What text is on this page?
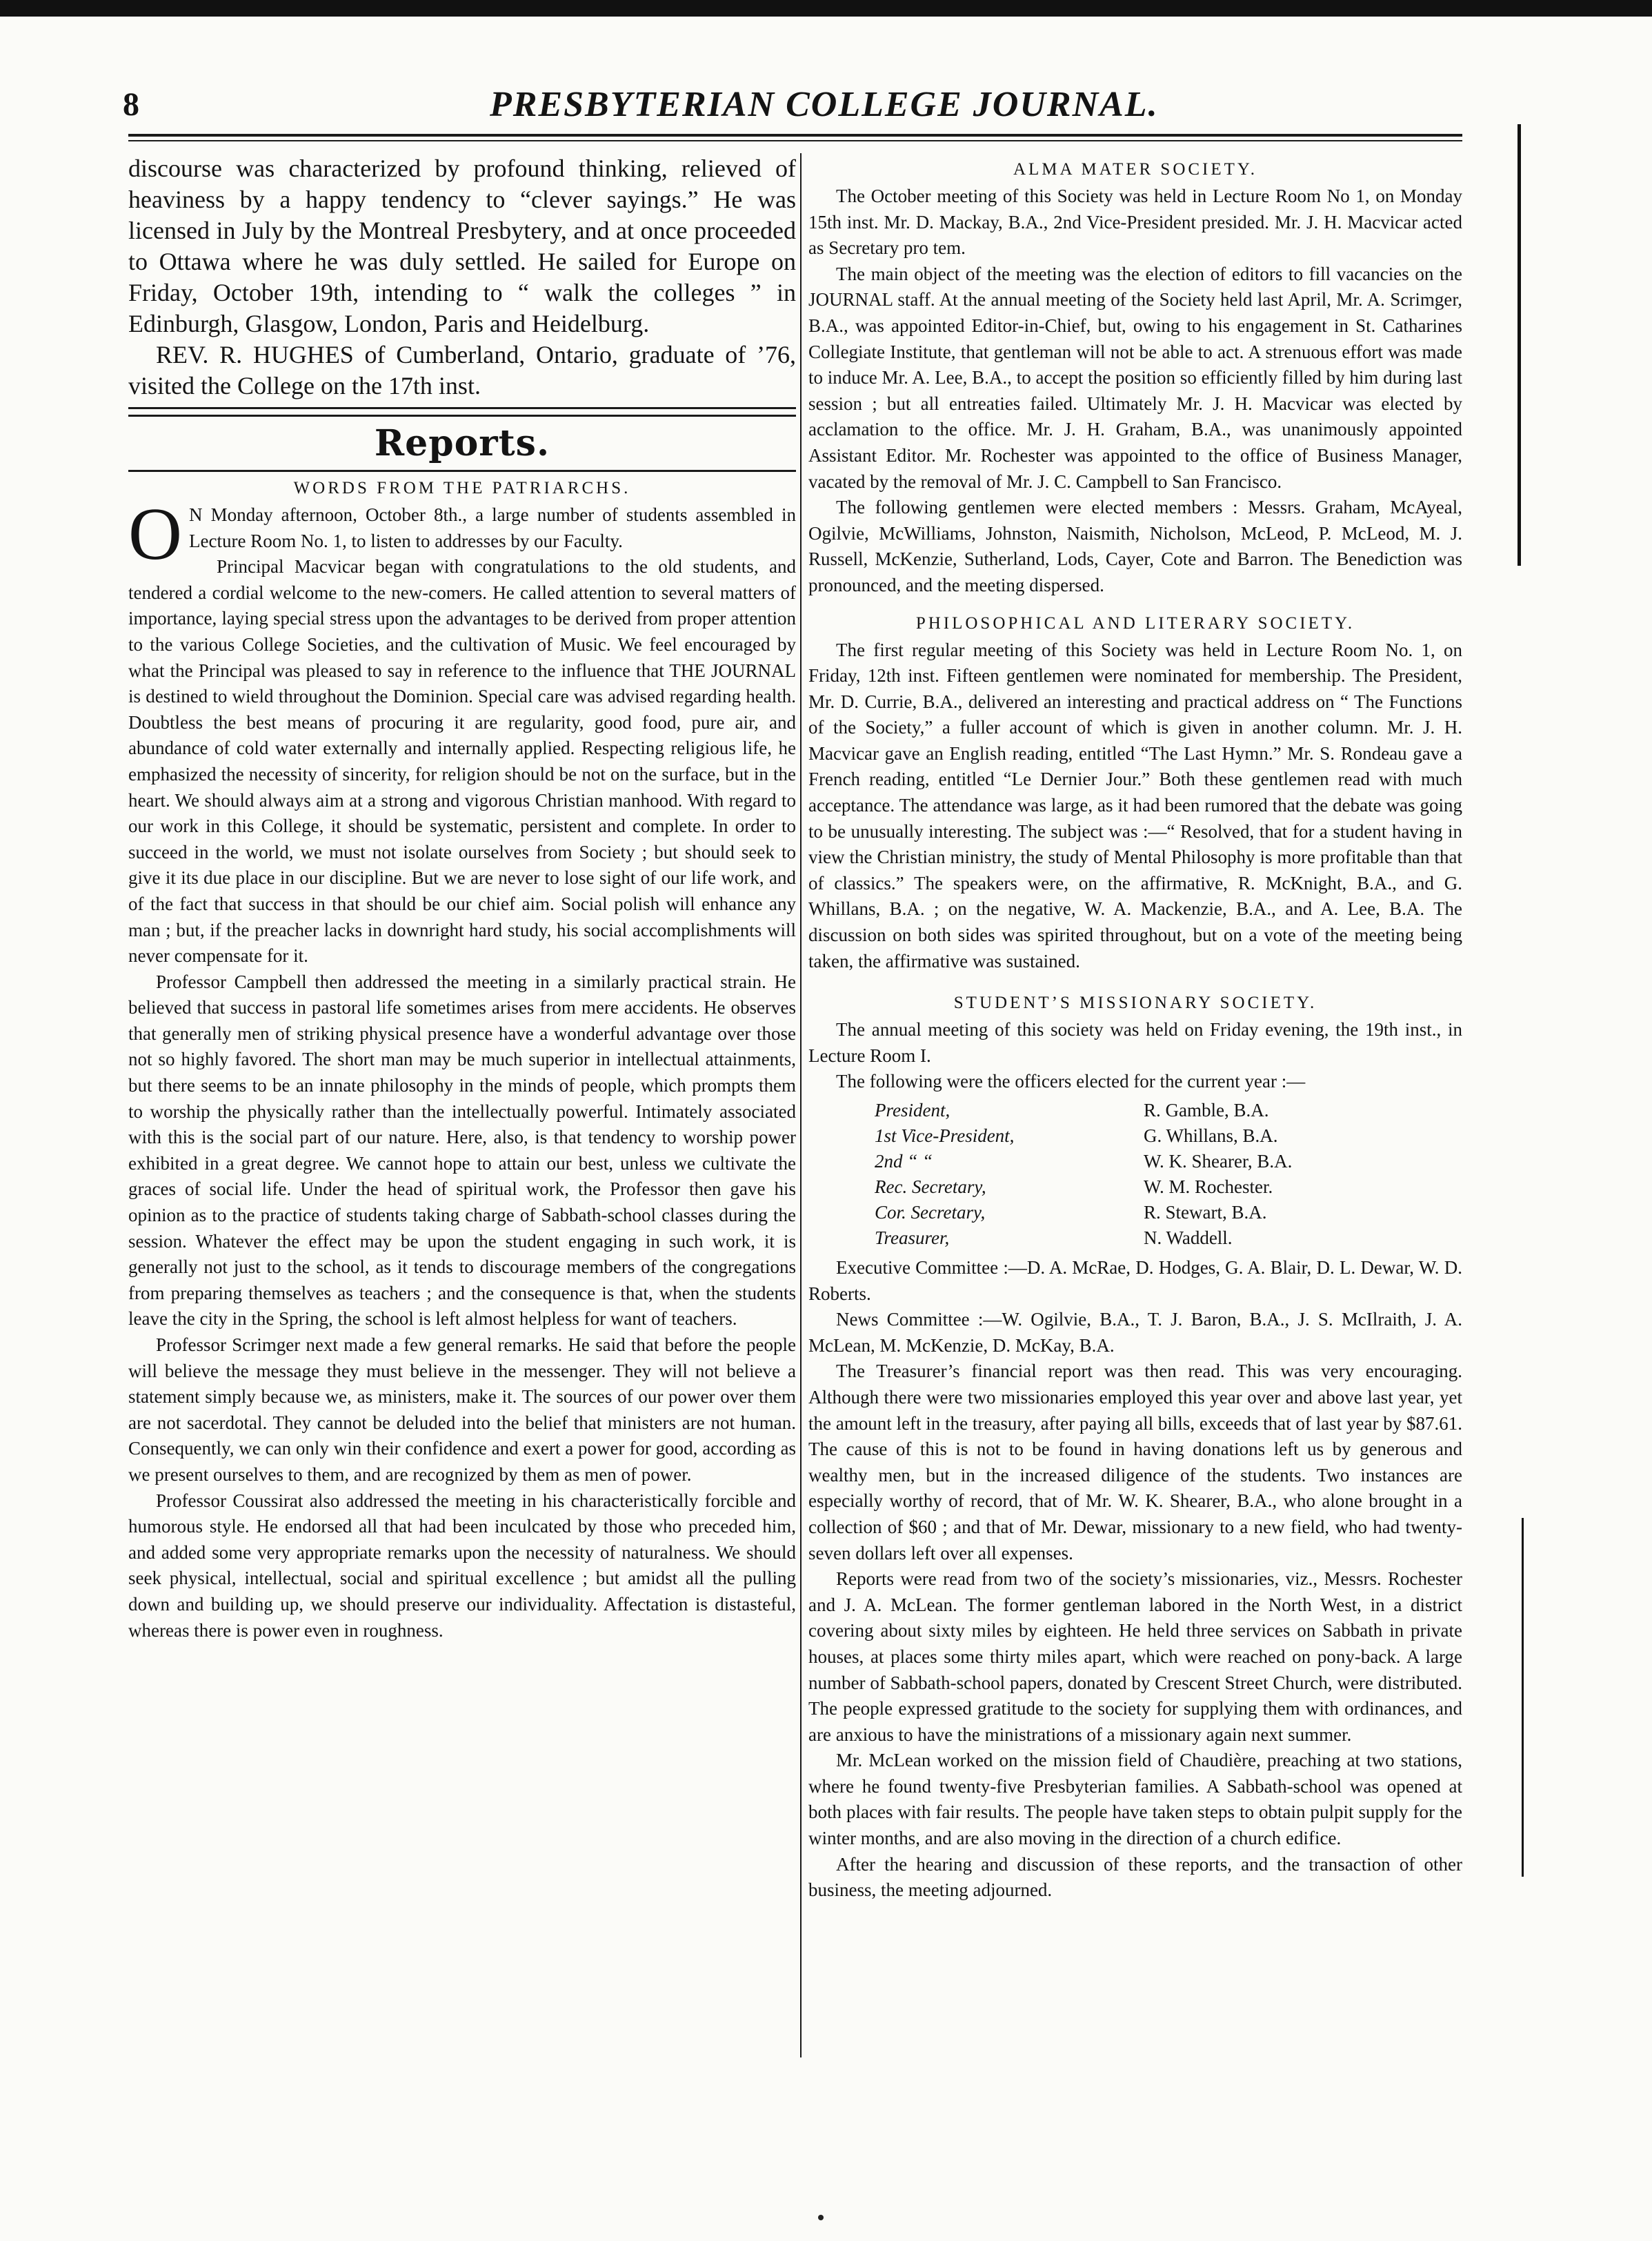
8	PRESBYTERIAN COLLEGE JOURNAL.

discourse was characterized by profound thinking, relieved of heaviness by a happy tendency to “clever sayings.” He was licensed in July by the Montreal Presbytery, and at once proceeded to Ottawa where he was duly settled. He sailed for Europe on Friday, October 19th, intending to “ walk the colleges ” in Edinburgh, Glasgow, London, Paris and Heidelburg.

REV. R. HUGHES of Cumberland, Ontario, graduate of ’76, visited the College on the 17th inst.

Reports.
WORDS FROM THE PATRIARCHS.

O N Monday afternoon, October 8th., a large number of students assembled in Lecture Room No. 1, to listen to addresses by our Faculty.

Principal Macvicar began with congratulations to the old students, and tendered a cordial welcome to the new-comers. He called attention to several matters of importance, laying special stress upon the advantages to be derived from proper attention to the various College Societies, and the cultivation of Music. We feel encouraged by what the Principal was pleased to say in reference to the influence that THE JOURNAL is destined to wield throughout the Dominion. Special care was advised regarding health. Doubtless the best means of procuring it are regularity, good food, pure air, and abundance of cold water externally and internally applied. Respecting religious life, he emphasized the necessity of sincerity, for religion should be not on the surface, but in the heart. We should always aim at a strong and vigorous Christian manhood. With regard to our work in this College, it should be systematic, persistent and complete. In order to succeed in the world, we must not isolate ourselves from Society ; but should seek to give it its due place in our discipline. But we are never to lose sight of our life work, and of the fact that success in that should be our chief aim. Social polish will enhance any man ; but, if the preacher lacks in downright hard study, his social accomplishments will never compensate for it.

Professor Campbell then addressed the meeting in a similarly practical strain. He believed that success in pastoral life sometimes arises from mere accidents. He observes that generally men of striking physical presence have a wonderful advantage over those not so highly favored. The short man may be much superior in intellectual attainments, but there seems to be an innate philosophy in the minds of people, which prompts them to worship the physically rather than the intellectually powerful. Intimately associated with this is the social part of our nature. Here, also, is that tendency to worship power exhibited in a great degree. We cannot hope to attain our best, unless we cultivate the graces of social life. Under the head of spiritual work, the Professor then gave his opinion as to the practice of students taking charge of Sabbath-school classes during the session. Whatever the effect may be upon the student engaging in such work, it is generally not just to the school, as it tends to discourage members of the congregations from preparing themselves as teachers ; and the consequence is that, when the students leave the city in the Spring, the school is left almost helpless for want of teachers.

Professor Scrimger next made a few general remarks. He said that before the people will believe the message they must believe in the messenger. They will not believe a statement simply because we, as ministers, make it. The sources of our power over them are not sacerdotal. They cannot be deluded into the belief that ministers are not human. Consequently, we can only win their confidence and exert a power for good, according as we present ourselves to them, and are recognized by them as men of power.

Professor Coussirat also addressed the meeting in his characteristically forcible and humorous style. He endorsed all that had been inculcated by those who preceded him, and added some very appropriate remarks upon the necessity of naturalness. We should seek physical, intellectual, social and spiritual excellence ; but amidst all the pulling down and building up, we should preserve our individuality. Affectation is distasteful, whereas there is power even in roughness.

ALMA MATER SOCIETY.

The October meeting of this Society was held in Lecture Room No 1, on Monday 15th inst. Mr. D. Mackay, B.A., 2nd Vice-President presided. Mr. J. H. Macvicar acted as Secretary pro tem.

The main object of the meeting was the election of editors to fill vacancies on the JOURNAL staff. At the annual meeting of the Society held last April, Mr. A. Scrimger, B.A., was appointed Editor-in-Chief, but, owing to his engagement in St. Catharines Collegiate Institute, that gentleman will not be able to act. A strenuous effort was made to induce Mr. A. Lee, B.A., to accept the position so efficiently filled by him during last session ; but all entreaties failed. Ultimately Mr. J. H. Macvicar was elected by acclamation to the office. Mr. J. H. Graham, B.A., was unanimously appointed Assistant Editor. Mr. Rochester was appointed to the office of Business Manager, vacated by the removal of Mr. J. C. Campbell to San Francisco.

The following gentlemen were elected members : Messrs. Graham, McAyeal, Ogilvie, McWilliams, Johnston, Naismith, Nicholson, McLeod, P. McLeod, M. J. Russell, McKenzie, Sutherland, Lods, Cayer, Cote and Barron. The Benediction was pronounced, and the meeting dispersed.

PHILOSOPHICAL AND LITERARY SOCIETY.

The first regular meeting of this Society was held in Lecture Room No. 1, on Friday, 12th inst. Fifteen gentlemen were nominated for membership. The President, Mr. D. Currie, B.A., delivered an interesting and practical address on “ The Functions of the Society,” a fuller account of which is given in another column. Mr. J. H. Macvicar gave an English reading, entitled “The Last Hymn.” Mr. S. Rondeau gave a French reading, entitled “Le Dernier Jour.” Both these gentlemen read with much acceptance. The attendance was large, as it had been rumored that the debate was going to be unusually interesting. The subject was :—“ Resolved, that for a student having in view the Christian ministry, the study of Mental Philosophy is more profitable than that of classics.” The speakers were, on the affirmative, R. McKnight, B.A., and G. Whillans, B.A. ; on the negative, W. A. Mackenzie, B.A., and A. Lee, B.A. The discussion on both sides was spirited throughout, but on a vote of the meeting being taken, the affirmative was sustained.

STUDENT’S MISSIONARY SOCIETY.

The annual meeting of this society was held on Friday evening, the 19th inst., in Lecture Room I.

The following were the officers elected for the current year :—

President,	R. Gamble, B.A.
1st Vice-President,	G. Whillans, B.A.
2nd “ “	W. K. Shearer, B.A.
Rec. Secretary,	W. M. Rochester.
Cor. Secretary,	R. Stewart, B.A.
Treasurer,	N. Waddell.

Executive Committee :—D. A. McRae, D. Hodges, G. A. Blair, D. L. Dewar, W. D. Roberts.

News Committee :—W. Ogilvie, B.A., T. J. Baron, B.A., J. S. McIlraith, J. A. McLean, M. McKenzie, D. McKay, B.A.

The Treasurer’s financial report was then read. This was very encouraging. Although there were two missionaries employed this year over and above last year, yet the amount left in the treasury, after paying all bills, exceeds that of last year by $87.61. The cause of this is not to be found in having donations left us by generous and wealthy men, but in the increased diligence of the students. Two instances are especially worthy of record, that of Mr. W. K. Shearer, B.A., who alone brought in a collection of $60 ; and that of Mr. Dewar, missionary to a new field, who had twenty-seven dollars left over all expenses.

Reports were read from two of the society’s missionaries, viz., Messrs. Rochester and J. A. McLean. The former gentleman labored in the North West, in a district covering about sixty miles by eighteen. He held three services on Sabbath in private houses, at places some thirty miles apart, which were reached on pony-back. A large number of Sabbath-school papers, donated by Crescent Street Church, were distributed. The people expressed gratitude to the society for supplying them with ordinances, and are anxious to have the ministrations of a missionary again next summer.

Mr. McLean worked on the mission field of Chaudière, preaching at two stations, where he found twenty-five Presbyterian families. A Sabbath-school was opened at both places with fair results. The people have taken steps to obtain pulpit supply for the winter months, and are also moving in the direction of a church edifice.

After the hearing and discussion of these reports, and the transaction of other business, the meeting adjourned.
